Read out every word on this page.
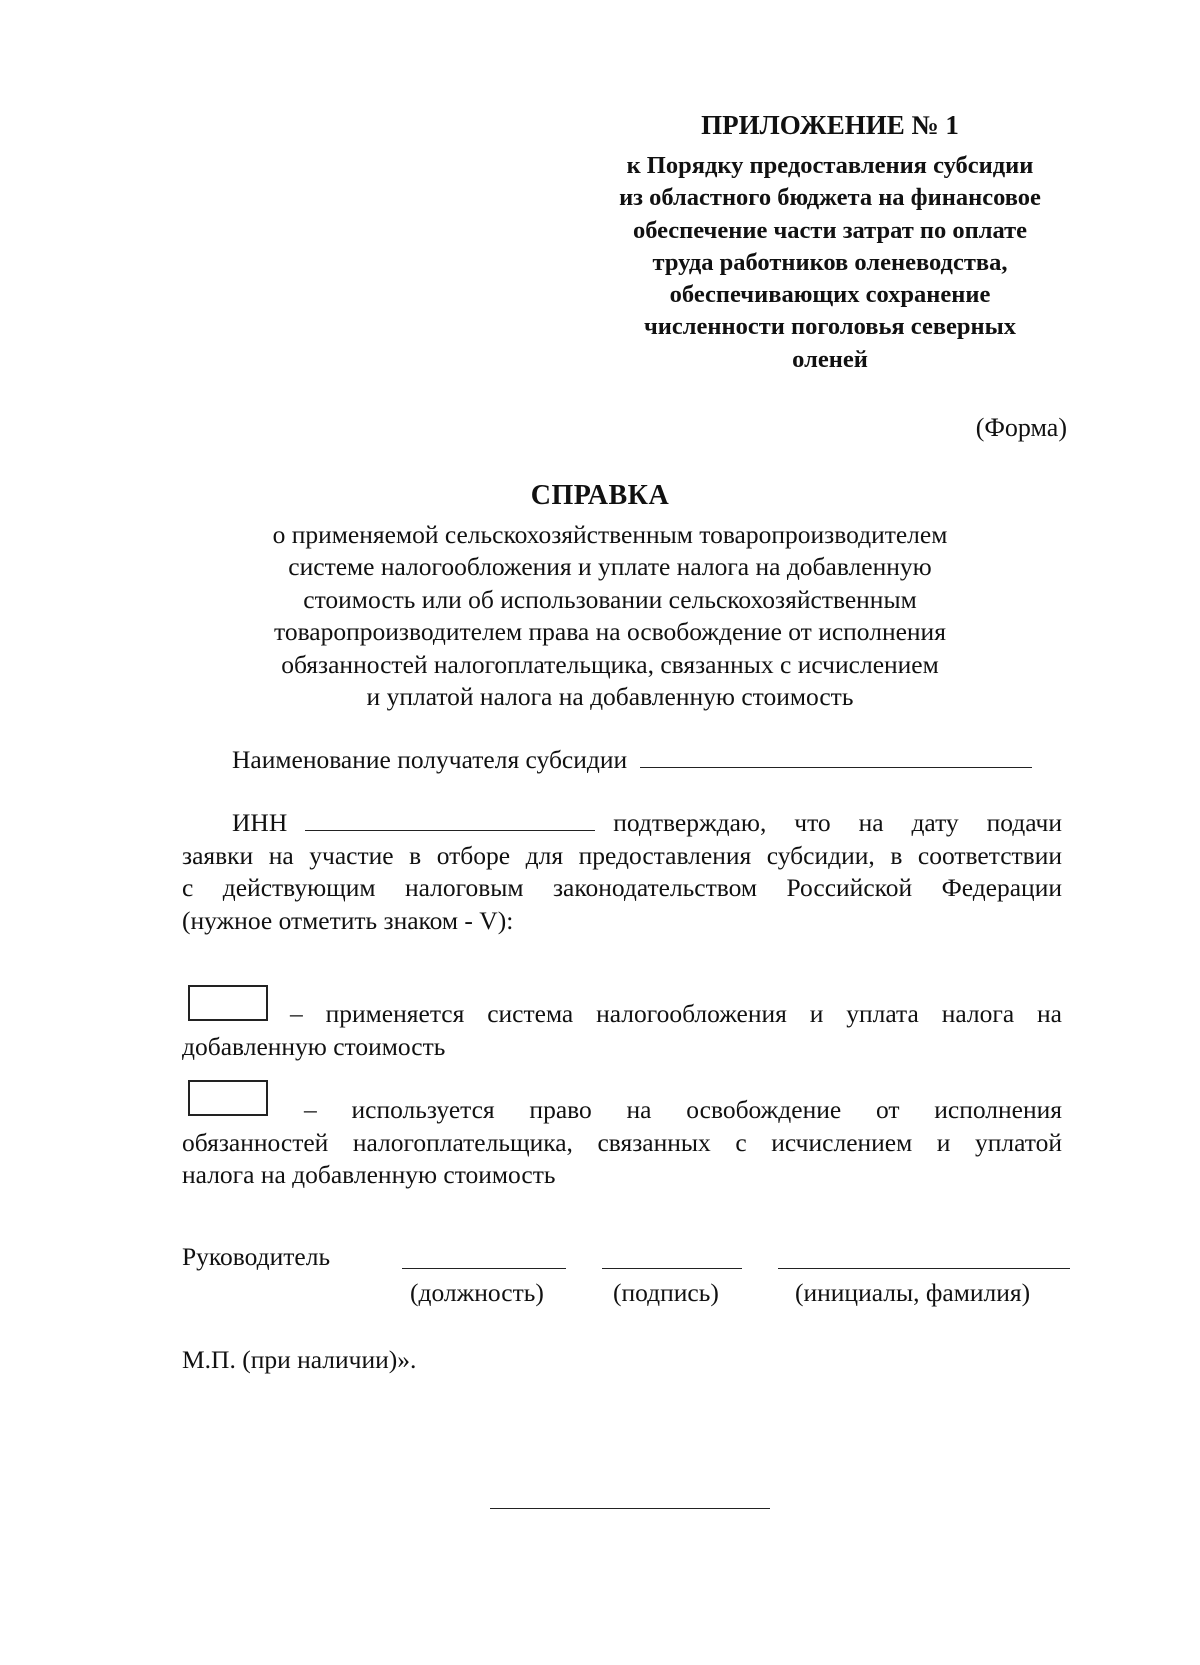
ПРИЛОЖЕНИЕ № 1
к Порядку предоставления субсидии
из областного бюджета на финансовое
обеспечение части затрат по оплате
труда работников оленеводства,
обеспечивающих сохранение
численности поголовья северных
оленей
(Форма)
СПРАВКА
о применяемой сельскохозяйственным товаропроизводителем
системе налогообложения и уплате налога на добавленную
стоимость или об использовании сельскохозяйственным
товаропроизводителем права на освобождение от исполнения
обязанностей налогоплательщика, связанных с исчислением
и уплатой налога на добавленную стоимость
Наименование получателя субсидии
ИНН	подтверждаю, что на дату подачи
заявки на участие в отборе для предоставления субсидии, в соответствии
с действующим налоговым законодательством Российской Федерации
(нужное отметить знаком - V):
– применяется система налогообложения и уплата налога на
добавленную стоимость
– используется право на освобождение от исполнения
обязанностей налогоплательщика, связанных с исчислением и уплатой
налога на добавленную стоимость
Руководитель
(должность)	(подпись)	(инициалы, фамилия)
М.П. (при наличии)».
